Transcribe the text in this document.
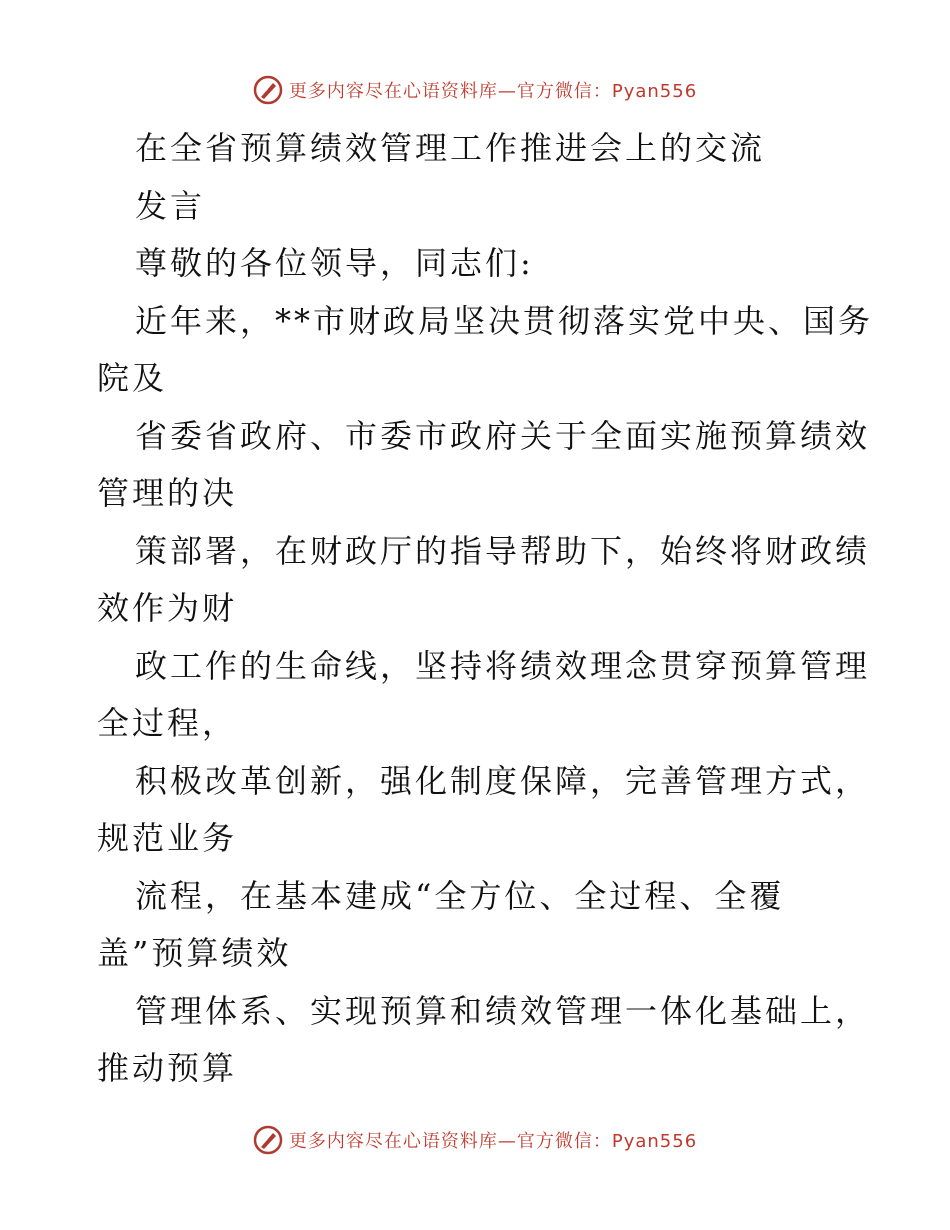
更多内容尽在心语资料库—官方微信：Pyan556
在全省预算绩效管理工作推进会上的交流
发言
尊敬的各位领导，同志们:
近年来，**市财政局坚决贯彻落实党中央、国务
院及
省委省政府、市委市政府关于全面实施预算绩效
管理的决
策部署，在财政厅的指导帮助下，始终将财政绩
效作为财
政工作的生命线，坚持将绩效理念贯穿预算管理
全过程，
积极改革创新，强化制度保障，完善管理方式，
规范业务
流程，在基本建成“全方位、全过程、全覆
盖”预算绩效
管理体系、实现预算和绩效管理一体化基础上，
推动预算
更多内容尽在心语资料库—官方微信：Pyan556
